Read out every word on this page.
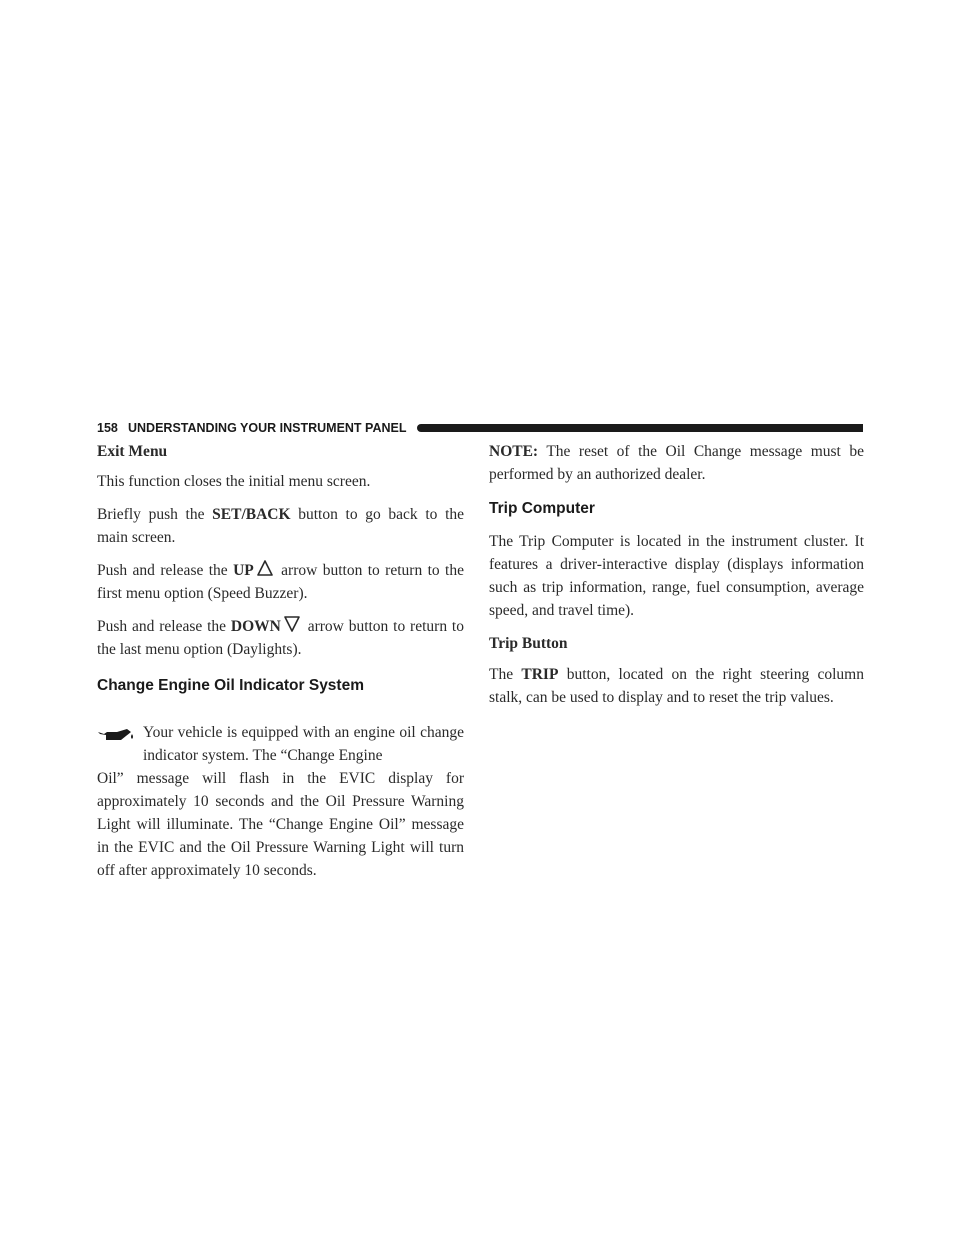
158 UNDERSTANDING YOUR INSTRUMENT PANEL
Exit Menu

This function closes the initial menu screen.

Briefly push the SET/BACK button to go back to the main screen.

Push and release the UP arrow button to return to the first menu option (Speed Buzzer).

Push and release the DOWN arrow button to return to the last menu option (Daylights).

Change Engine Oil Indicator System

Your vehicle is equipped with an engine oil change indicator system. The “Change Engine
Oil” message will flash in the EVIC display for approximately 10 seconds and the Oil Pressure Warning Light will illuminate. The “Change Engine Oil” message in the EVIC and the Oil Pressure Warning Light will turn off after approximately 10 seconds.

NOTE: The reset of the Oil Change message must be performed by an authorized dealer.

Trip Computer

The Trip Computer is located in the instrument cluster. It features a driver-interactive display (displays information such as trip information, range, fuel consumption, average speed, and travel time).

Trip Button

The TRIP button, located on the right steering column stalk, can be used to display and to reset the trip values.
